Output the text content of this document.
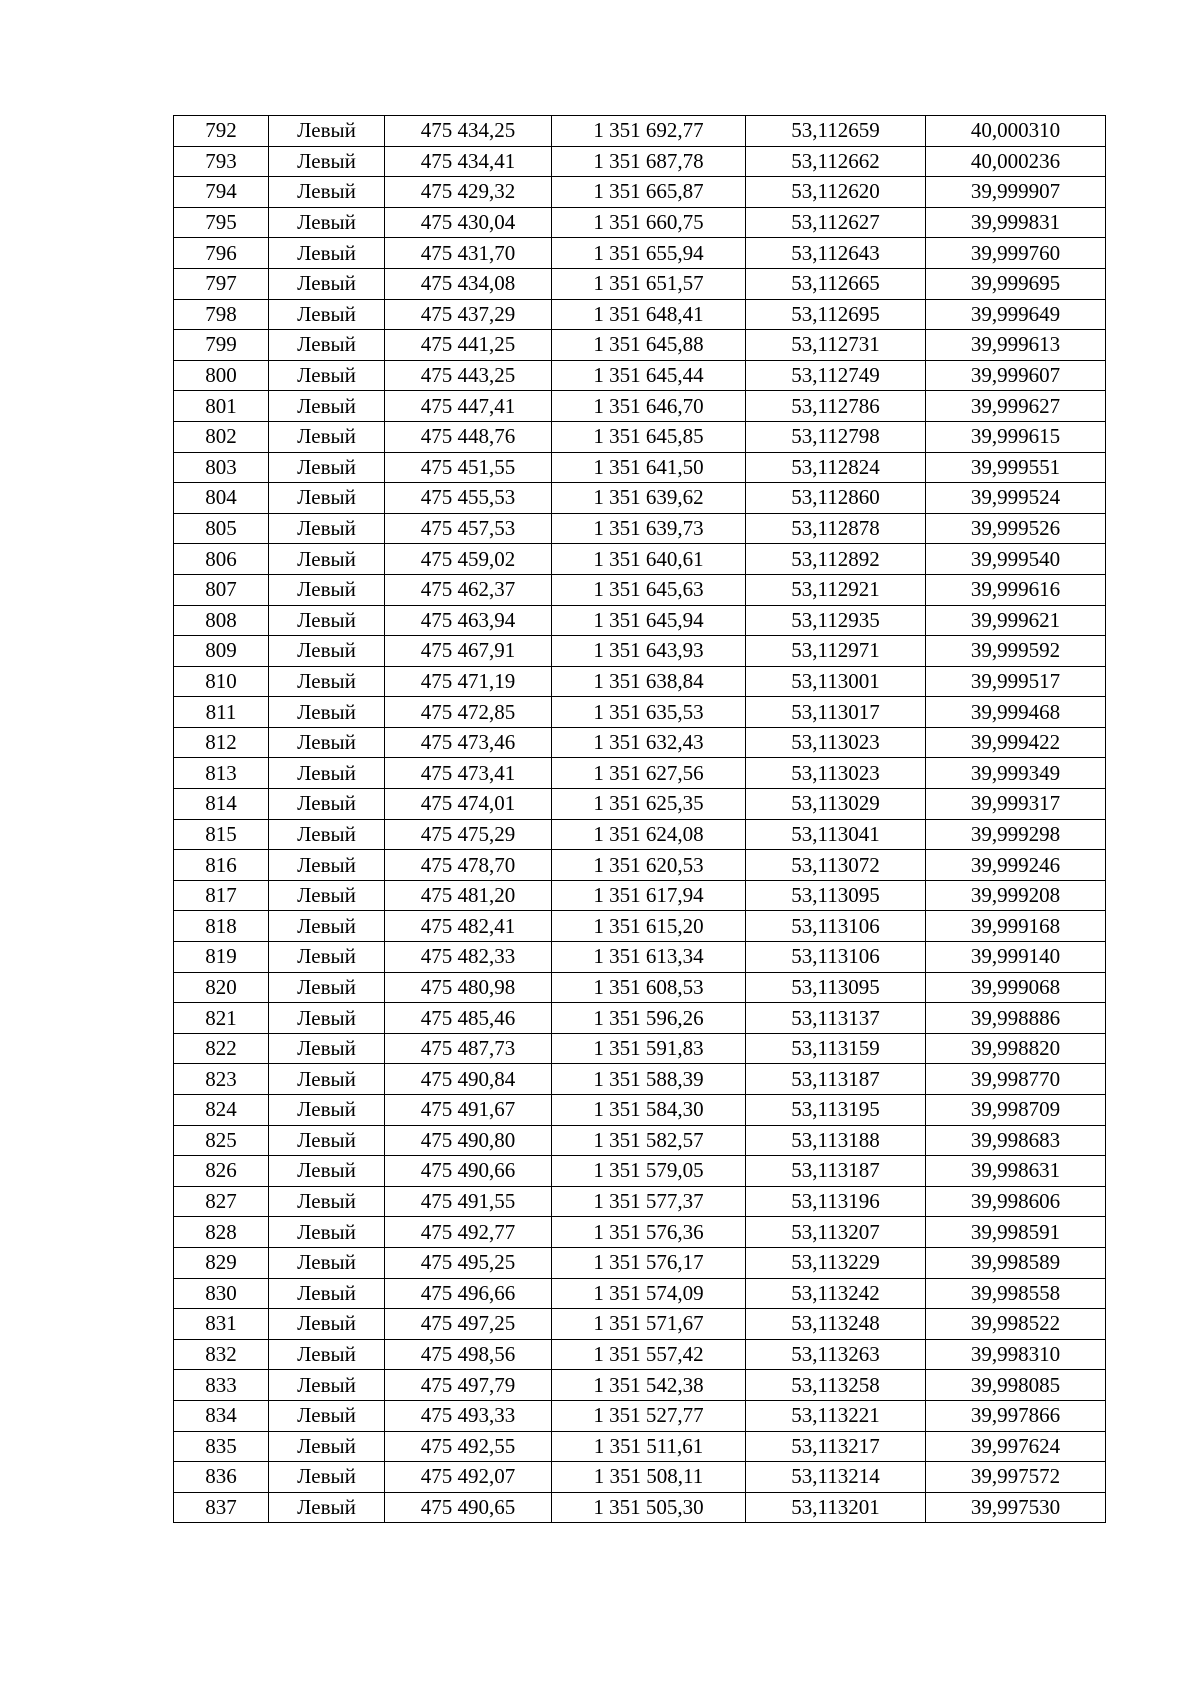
792	Левый	475 434,25	1 351 692,77	53,112659	40,000310
793	Левый	475 434,41	1 351 687,78	53,112662	40,000236
794	Левый	475 429,32	1 351 665,87	53,112620	39,999907
795	Левый	475 430,04	1 351 660,75	53,112627	39,999831
796	Левый	475 431,70	1 351 655,94	53,112643	39,999760
797	Левый	475 434,08	1 351 651,57	53,112665	39,999695
798	Левый	475 437,29	1 351 648,41	53,112695	39,999649
799	Левый	475 441,25	1 351 645,88	53,112731	39,999613
800	Левый	475 443,25	1 351 645,44	53,112749	39,999607
801	Левый	475 447,41	1 351 646,70	53,112786	39,999627
802	Левый	475 448,76	1 351 645,85	53,112798	39,999615
803	Левый	475 451,55	1 351 641,50	53,112824	39,999551
804	Левый	475 455,53	1 351 639,62	53,112860	39,999524
805	Левый	475 457,53	1 351 639,73	53,112878	39,999526
806	Левый	475 459,02	1 351 640,61	53,112892	39,999540
807	Левый	475 462,37	1 351 645,63	53,112921	39,999616
808	Левый	475 463,94	1 351 645,94	53,112935	39,999621
809	Левый	475 467,91	1 351 643,93	53,112971	39,999592
810	Левый	475 471,19	1 351 638,84	53,113001	39,999517
811	Левый	475 472,85	1 351 635,53	53,113017	39,999468
812	Левый	475 473,46	1 351 632,43	53,113023	39,999422
813	Левый	475 473,41	1 351 627,56	53,113023	39,999349
814	Левый	475 474,01	1 351 625,35	53,113029	39,999317
815	Левый	475 475,29	1 351 624,08	53,113041	39,999298
816	Левый	475 478,70	1 351 620,53	53,113072	39,999246
817	Левый	475 481,20	1 351 617,94	53,113095	39,999208
818	Левый	475 482,41	1 351 615,20	53,113106	39,999168
819	Левый	475 482,33	1 351 613,34	53,113106	39,999140
820	Левый	475 480,98	1 351 608,53	53,113095	39,999068
821	Левый	475 485,46	1 351 596,26	53,113137	39,998886
822	Левый	475 487,73	1 351 591,83	53,113159	39,998820
823	Левый	475 490,84	1 351 588,39	53,113187	39,998770
824	Левый	475 491,67	1 351 584,30	53,113195	39,998709
825	Левый	475 490,80	1 351 582,57	53,113188	39,998683
826	Левый	475 490,66	1 351 579,05	53,113187	39,998631
827	Левый	475 491,55	1 351 577,37	53,113196	39,998606
828	Левый	475 492,77	1 351 576,36	53,113207	39,998591
829	Левый	475 495,25	1 351 576,17	53,113229	39,998589
830	Левый	475 496,66	1 351 574,09	53,113242	39,998558
831	Левый	475 497,25	1 351 571,67	53,113248	39,998522
832	Левый	475 498,56	1 351 557,42	53,113263	39,998310
833	Левый	475 497,79	1 351 542,38	53,113258	39,998085
834	Левый	475 493,33	1 351 527,77	53,113221	39,997866
835	Левый	475 492,55	1 351 511,61	53,113217	39,997624
836	Левый	475 492,07	1 351 508,11	53,113214	39,997572
837	Левый	475 490,65	1 351 505,30	53,113201	39,997530
